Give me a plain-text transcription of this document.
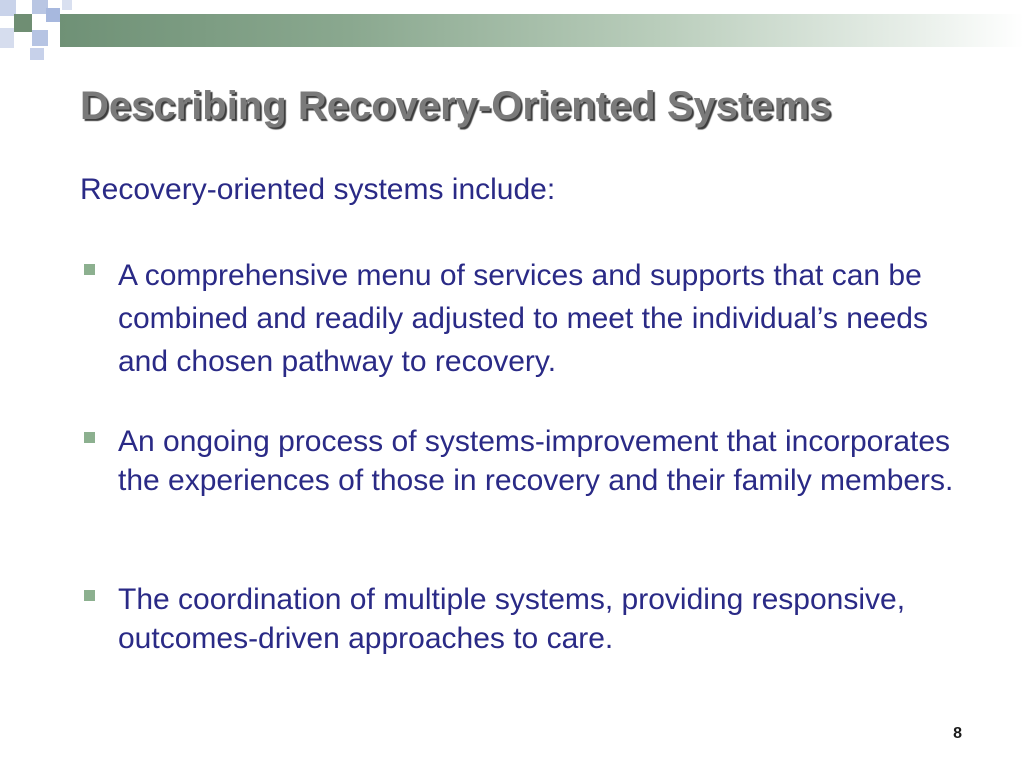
Describing Recovery-Oriented Systems

Recovery-oriented systems include:

A comprehensive menu of services and supports that can be combined and readily adjusted to meet the individual’s needs and chosen pathway to recovery.

An ongoing process of systems-improvement that incorporates the experiences of those in recovery and their family members.

The coordination of multiple systems, providing responsive, outcomes-driven approaches to care.

8
